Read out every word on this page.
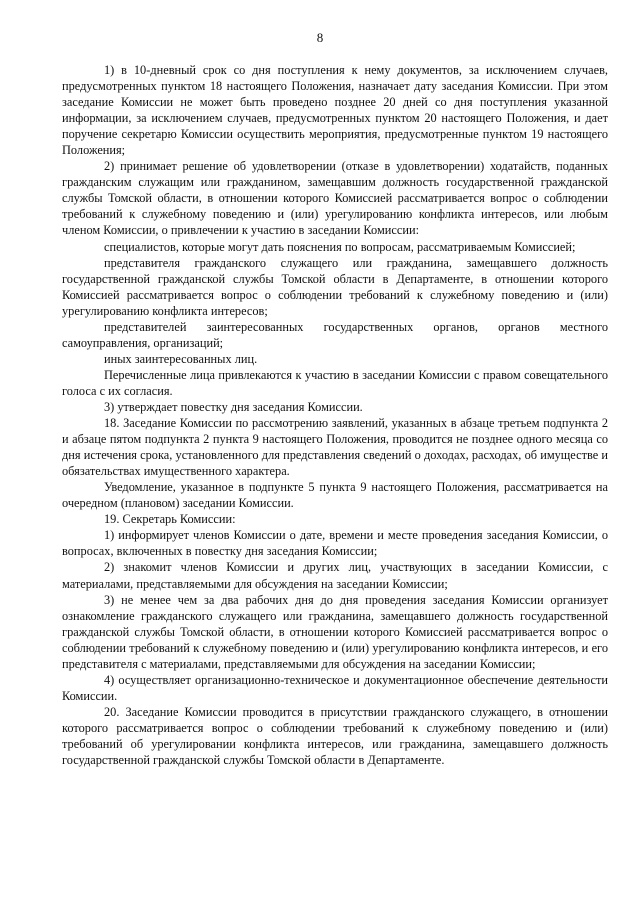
8

1) в 10-дневный срок со дня поступления к нему документов, за исключением случаев, предусмотренных пунктом 18 настоящего Положения, назначает дату заседания Комиссии. При этом заседание Комиссии не может быть проведено позднее 20 дней со дня поступления указанной информации, за исключением случаев, предусмотренных пунктом 20 настоящего Положения, и дает поручение секретарю Комиссии осуществить мероприятия, предусмотренные пунктом 19 настоящего Положения;

2) принимает решение об удовлетворении (отказе в удовлетворении) ходатайств, поданных гражданским служащим или гражданином, замещавшим должность государственной гражданской службы Томской области, в отношении которого Комиссией рассматривается вопрос о соблюдении требований к служебному поведению и (или) урегулированию конфликта интересов, или любым членом Комиссии, о привлечении к участию в заседании Комиссии:

специалистов, которые могут дать пояснения по вопросам, рассматриваемым Комиссией;

представителя гражданского служащего или гражданина, замещавшего должность государственной гражданской службы Томской области в Департаменте, в отношении которого Комиссией рассматривается вопрос о соблюдении требований к служебному поведению и (или) урегулированию конфликта интересов;

представителей заинтересованных государственных органов, органов местного самоуправления, организаций;

иных заинтересованных лиц.

Перечисленные лица привлекаются к участию в заседании Комиссии с правом совещательного голоса с их согласия.

3) утверждает повестку дня заседания Комиссии.

18. Заседание Комиссии по рассмотрению заявлений, указанных в абзаце третьем подпункта 2 и абзаце пятом подпункта 2 пункта 9 настоящего Положения, проводится не позднее одного месяца со дня истечения срока, установленного для представления сведений о доходах, расходах, об имуществе и обязательствах имущественного характера.

Уведомление, указанное в подпункте 5 пункта 9 настоящего Положения, рассматривается на очередном (плановом) заседании Комиссии.

19. Секретарь Комиссии:

1) информирует членов Комиссии о дате, времени и месте проведения заседания Комиссии, о вопросах, включенных в повестку дня заседания Комиссии;

2) знакомит членов Комиссии и других лиц, участвующих в заседании Комиссии, с материалами, представляемыми для обсуждения на заседании Комиссии;

3) не менее чем за два рабочих дня до дня проведения заседания Комиссии организует ознакомление гражданского служащего или гражданина, замещавшего должность государственной гражданской службы Томской области, в отношении которого Комиссией рассматривается вопрос о соблюдении требований к служебному поведению и (или) урегулированию конфликта интересов, и его представителя с материалами, представляемыми для обсуждения на заседании Комиссии;

4) осуществляет организационно-техническое и документационное обеспечение деятельности Комиссии.

20. Заседание Комиссии проводится в присутствии гражданского служащего, в отношении которого рассматривается вопрос о соблюдении требований к служебному поведению и (или) требований об урегулировании конфликта интересов, или гражданина, замещавшего должность государственной гражданской службы Томской области в Департаменте.
